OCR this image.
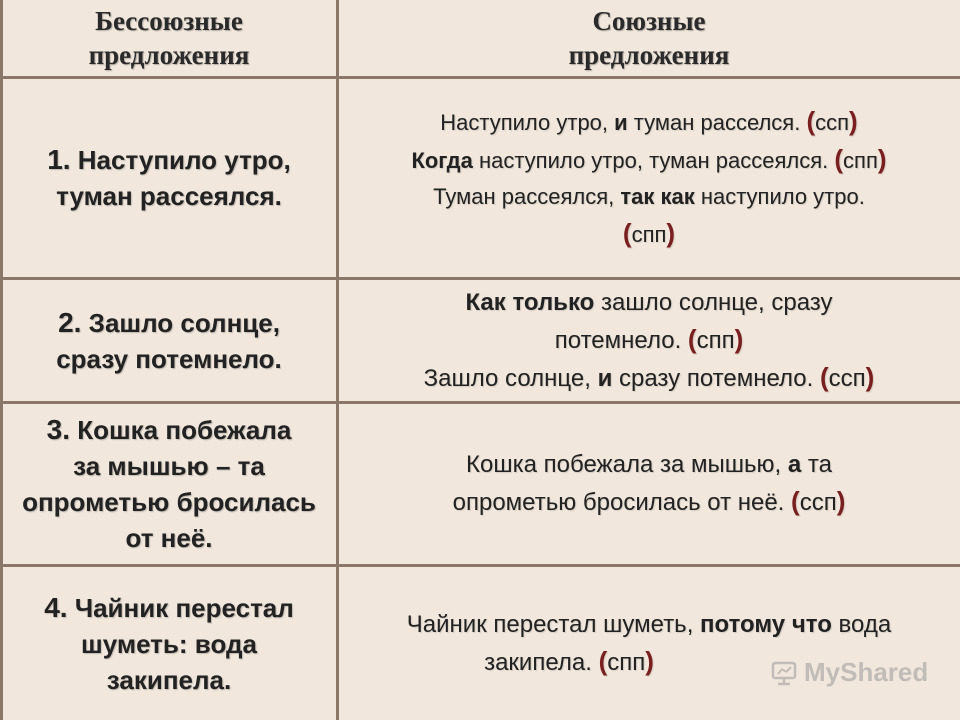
Бессоюзные
предложения
Союзные
предложения
1. Наступило утро,
туман рассеялся.
Наступило утро, и туман расселся. (ссп)
Когда наступило утро, туман рассеялся. (спп)
Туман рассеялся, так как наступило утро.
(спп)
2. Зашло солнце,
сразу потемнело.
Как только зашло солнце, сразу
потемнело. (спп)
Зашло солнце, и сразу потемнело. (ссп)
3. Кошка побежала
за мышью – та
опрометью бросилась
от неё.
Кошка побежала за мышью, а та
опрометью бросилась от неё. (ссп)
4. Чайник перестал
шуметь: вода
закипела.
Чайник перестал шуметь, потому что вода
закипела. (спп)	MyShared
